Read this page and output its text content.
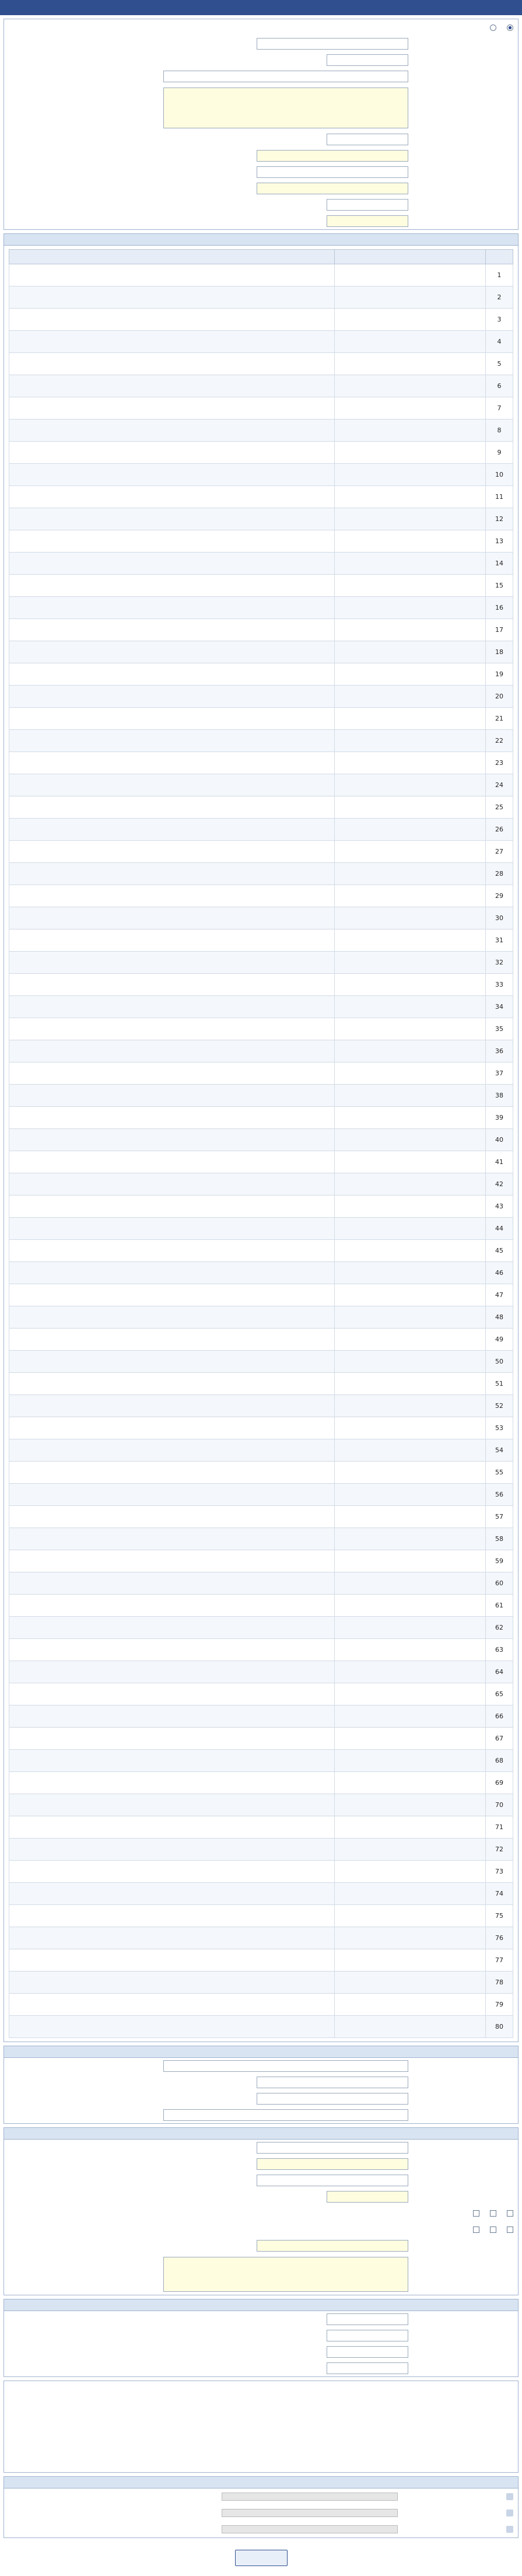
1		
2		
3		
4		
5		
6		
7		
8		
9		
10		
11		
12		
13		
14		
15		
16		
17		
18		
19		
20		
21		
22		
23		
24		
25		
26		
27		
28		
29		
30		
31		
32		
33		
34		
35		
36		
37		
38		
39		
40		
41		
42		
43		
44		
45		
46		
47		
48		
49		
50		
51		
52		
53		
54		
55		
56		
57		
58		
59		
60		
61		
62		
63		
64		
65		
66		
67		
68		
69		
70		
71		
72		
73		
74		
75		
76		
77		
78		
79		
80		
